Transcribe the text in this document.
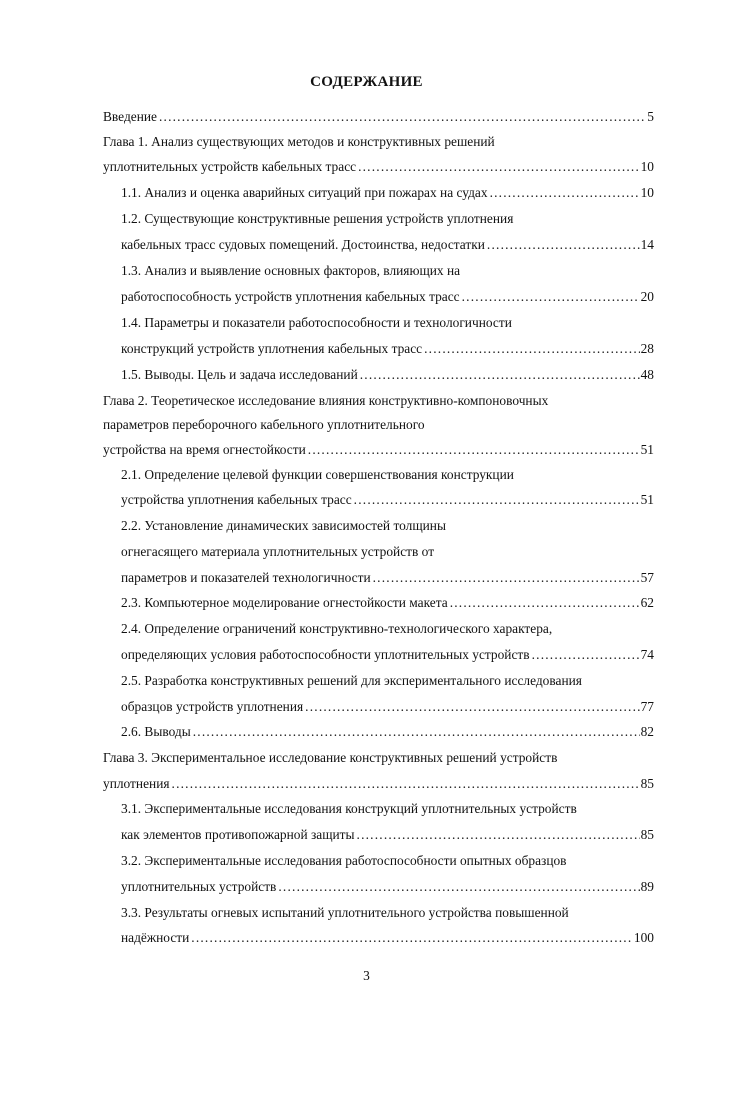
СОДЕРЖАНИЕ
Введение .....	5
Глава 1. Анализ существующих методов и конструктивных решений
уплотнительных устройств кабельных трасс .....	10
1.1. Анализ и оценка аварийных ситуаций при пожарах на судах .....	10
1.2. Существующие конструктивные решения устройств уплотнения
кабельных трасс судовых помещений. Достоинства, недостатки .....	14
1.3. Анализ и выявление основных факторов, влияющих на
работоспособность устройств уплотнения кабельных трасс .....	20
1.4. Параметры и показатели работоспособности и технологичности
конструкций устройств уплотнения кабельных трасс .....	28
1.5. Выводы. Цель и задача исследований .....	48
Глава 2. Теоретическое исследование влияния конструктивно-компоновочных
параметров переборочного кабельного уплотнительного
устройства на время огнестойкости .....	51
2.1. Определение целевой функции совершенствования конструкции
устройства уплотнения кабельных трасс .....	51
2.2. Установление динамических зависимостей толщины
огнегасящего материала уплотнительных устройств от
параметров и показателей технологичности .....	57
2.3. Компьютерное моделирование огнестойкости макета .....	62
2.4. Определение ограничений конструктивно-технологического характера,
определяющих условия работоспособности уплотнительных устройств .....	74
2.5. Разработка конструктивных решений для экспериментального исследования
образцов устройств уплотнения .....	77
2.6. Выводы .....	82
Глава 3. Экспериментальное исследование конструктивных решений устройств
уплотнения .....	85
3.1. Экспериментальные исследования конструкций уплотнительных устройств
как элементов противопожарной защиты .....	85
3.2. Экспериментальные исследования работоспособности опытных образцов
уплотнительных устройств .....	89
3.3. Результаты огневых испытаний уплотнительного устройства повышенной
надёжности .....	100
3
